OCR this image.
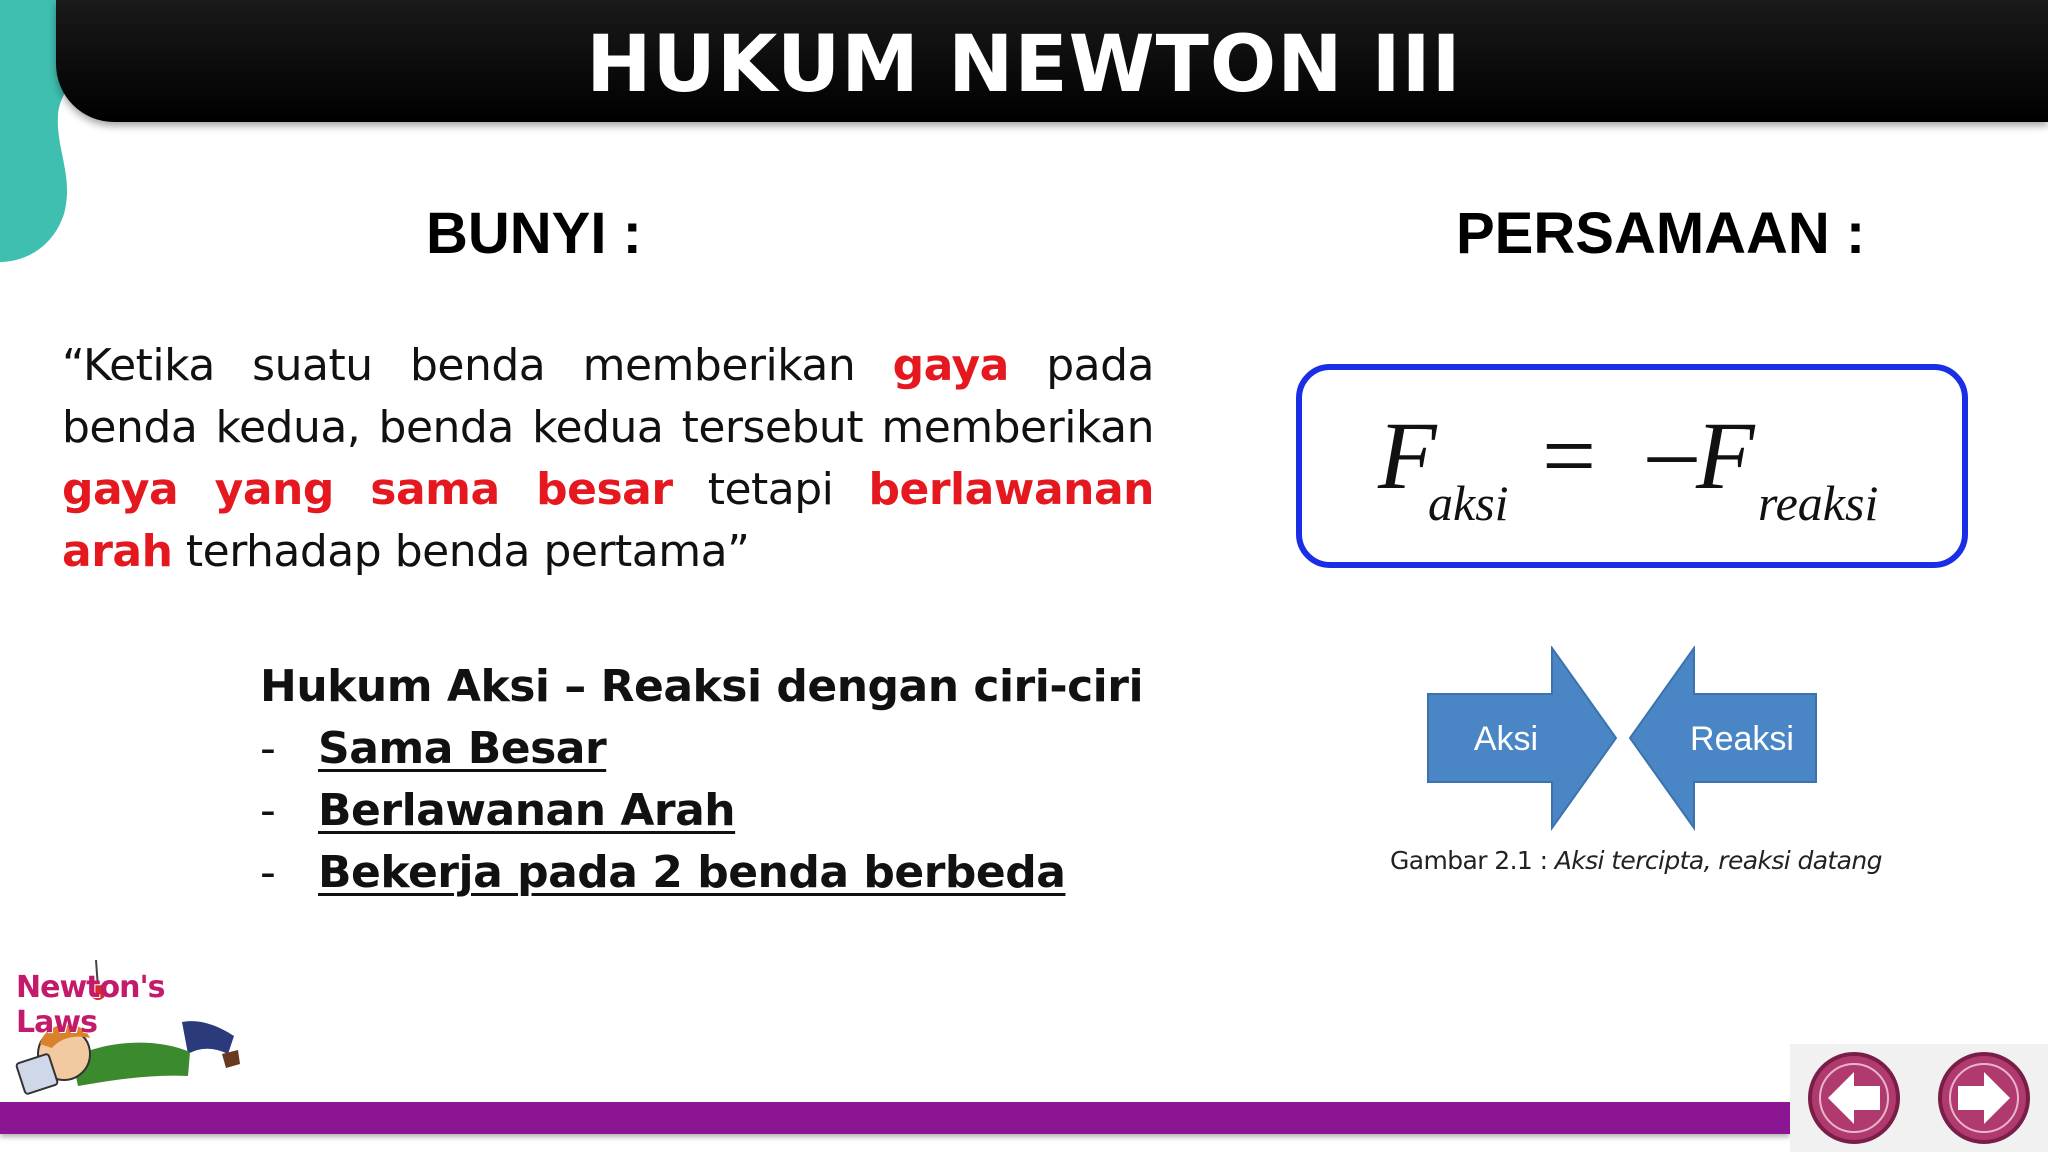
HUKUM NEWTON III
BUNYI :	PERSAMAAN :
“Ketika suatu benda memberikan gaya pada benda kedua, benda kedua tersebut memberikan gaya yang sama besar tetapi berlawanan arah terhadap benda pertama”
Hukum Aksi – Reaksi dengan ciri-ciri
- Sama Besar
- Berlawanan Arah
- Bekerja pada 2 benda berbeda
F
aksi = – F reaksi
Aksi	Reaksi
Gambar 2.1 : Aksi tercipta, reaksi datang
Newton's Laws
